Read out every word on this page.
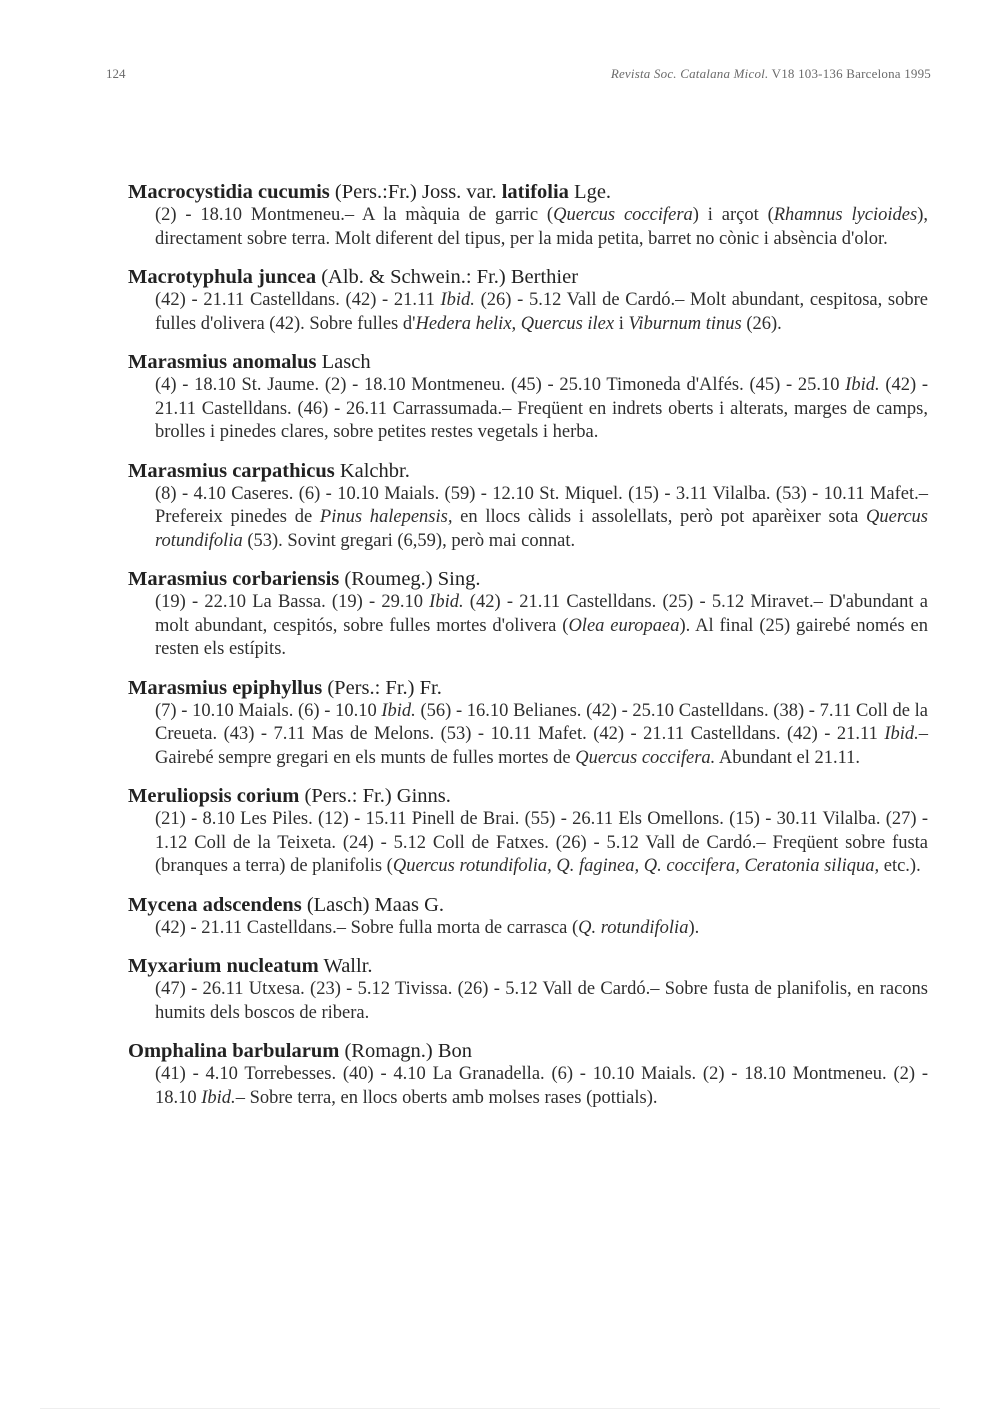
124	Revista Soc. Catalana Micol. V18 103-136 Barcelona 1995
Macrocystidia cucumis (Pers.:Fr.) Joss. var. latifolia Lge.
(2) - 18.10 Montmeneu.– A la màquia de garric (Quercus coccifera) i arçot (Rhamnus lycioides), directament sobre terra. Molt diferent del tipus, per la mida petita, barret no cònic i absència d'olor.
Macrotyphula juncea (Alb. & Schwein.: Fr.) Berthier
(42) - 21.11 Castelldans. (42) - 21.11 Ibid. (26) - 5.12 Vall de Cardó.– Molt abundant, cespitosa, sobre fulles d'olivera (42). Sobre fulles d'Hedera helix, Quercus ilex i Viburnum tinus (26).
Marasmius anomalus Lasch
(4) - 18.10 St. Jaume. (2) - 18.10 Montmeneu. (45) - 25.10 Timoneda d'Alfés. (45) - 25.10 Ibid. (42) - 21.11 Castelldans. (46) - 26.11 Carrassumada.– Freqüent en indrets oberts i alterats, marges de camps, brolles i pinedes clares, sobre petites restes vegetals i herba.
Marasmius carpathicus Kalchbr.
(8) - 4.10 Caseres. (6) - 10.10 Maials. (59) - 12.10 St. Miquel. (15) - 3.11 Vilalba. (53) - 10.11 Mafet.– Prefereix pinedes de Pinus halepensis, en llocs càlids i assolellats, però pot aparèixer sota Quercus rotundifolia (53). Sovint gregari (6,59), però mai connat.
Marasmius corbariensis (Roumeg.) Sing.
(19) - 22.10 La Bassa. (19) - 29.10 Ibid. (42) - 21.11 Castelldans. (25) - 5.12 Miravet.– D'abundant a molt abundant, cespitós, sobre fulles mortes d'olivera (Olea europaea). Al final (25) gairebé només en resten els estípits.
Marasmius epiphyllus (Pers.: Fr.) Fr.
(7) - 10.10 Maials. (6) - 10.10 Ibid. (56) - 16.10 Belianes. (42) - 25.10 Castelldans. (38) - 7.11 Coll de la Creueta. (43) - 7.11 Mas de Melons. (53) - 10.11 Mafet. (42) - 21.11 Castelldans. (42) - 21.11 Ibid.– Gairebé sempre gregari en els munts de fulles mortes de Quercus coccifera. Abundant el 21.11.
Meruliopsis corium (Pers.: Fr.) Ginns.
(21) - 8.10 Les Piles. (12) - 15.11 Pinell de Brai. (55) - 26.11 Els Omellons. (15) - 30.11 Vilalba. (27) - 1.12 Coll de la Teixeta. (24) - 5.12 Coll de Fatxes. (26) - 5.12 Vall de Cardó.– Freqüent sobre fusta (branques a terra) de planifolis (Quercus rotundifolia, Q. faginea, Q. coccifera, Ceratonia siliqua, etc.).
Mycena adscendens (Lasch) Maas G.
(42) - 21.11 Castelldans.– Sobre fulla morta de carrasca (Q. rotundifolia).
Myxarium nucleatum Wallr.
(47) - 26.11 Utxesa. (23) - 5.12 Tivissa. (26) - 5.12 Vall de Cardó.– Sobre fusta de planifolis, en racons humits dels boscos de ribera.
Omphalina barbularum (Romagn.) Bon
(41) - 4.10 Torrebesses. (40) - 4.10 La Granadella. (6) - 10.10 Maials. (2) - 18.10 Montmeneu. (2) - 18.10 Ibid.– Sobre terra, en llocs oberts amb molses rases (pottials).
